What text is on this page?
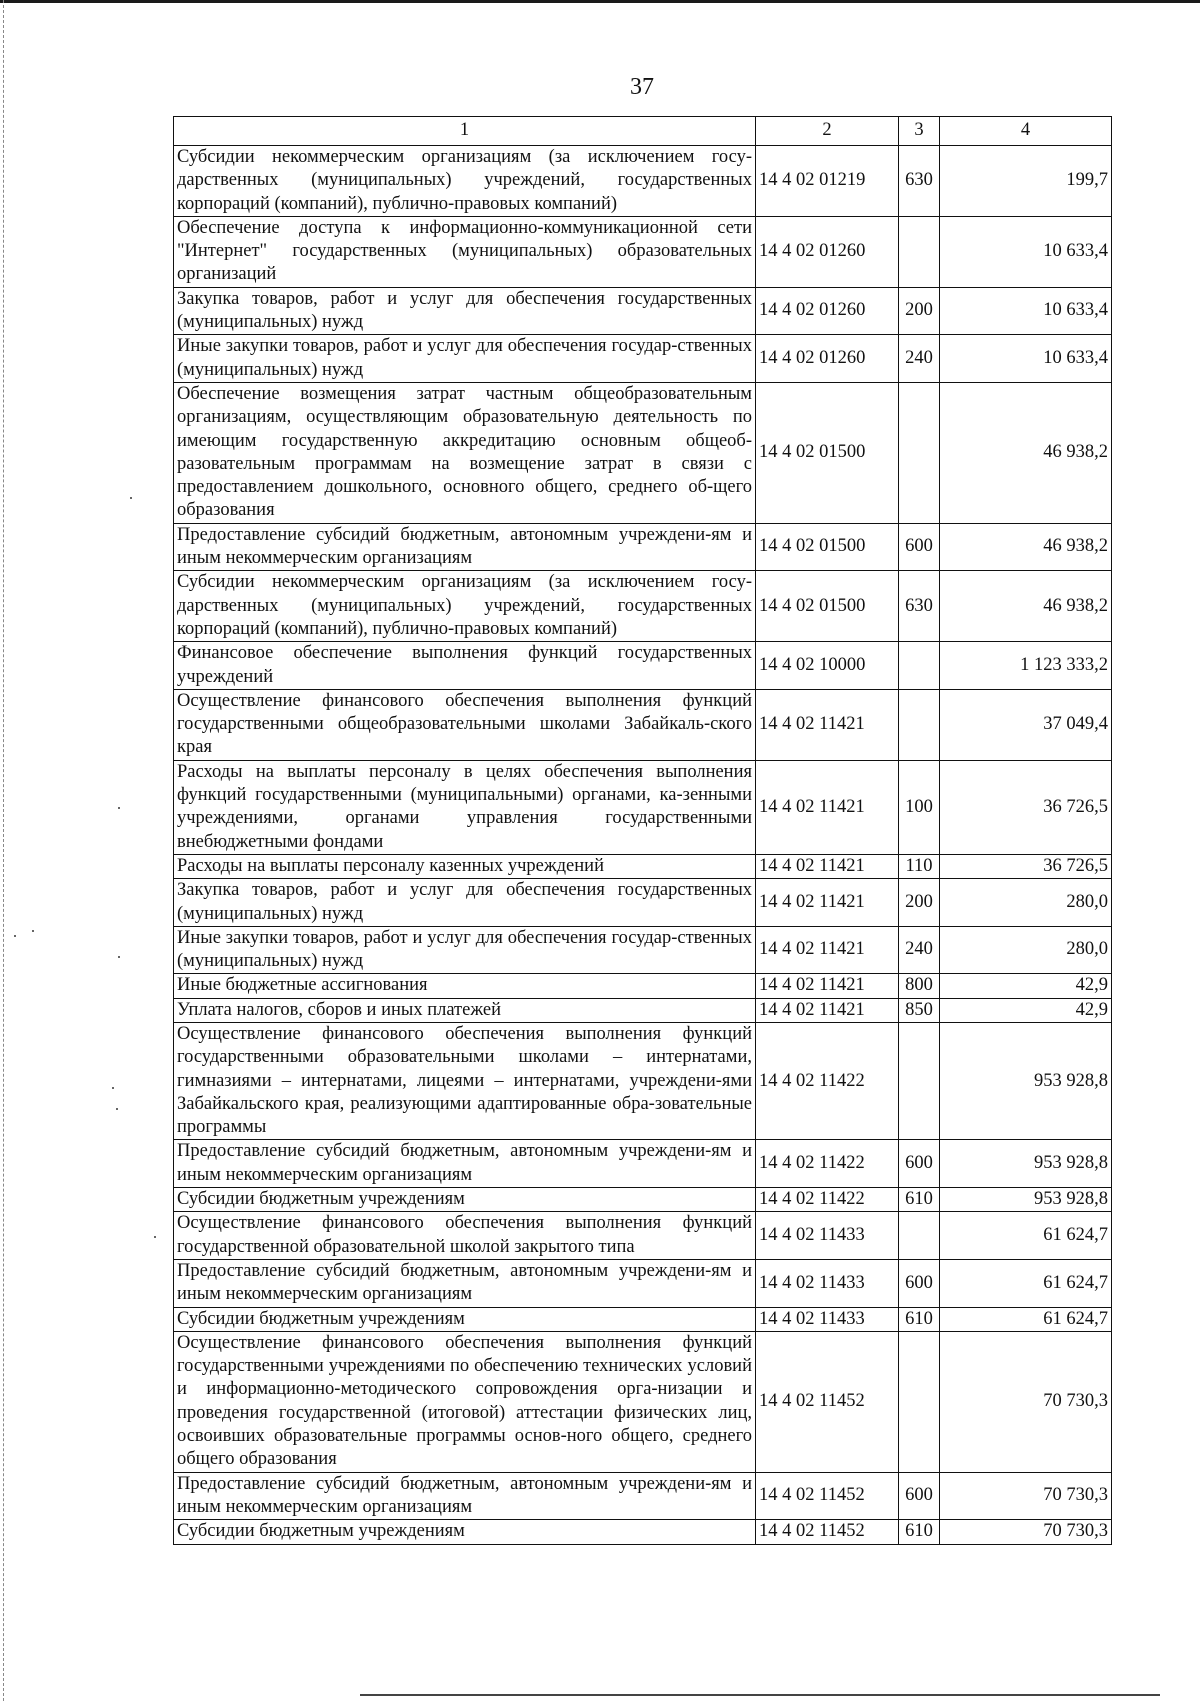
37
1	2	3	4
Субсидии некоммерческим организациям (за исключением госу-дарственных (муниципальных) учреждений, государственных корпораций (компаний), публично-правовых компаний)	14 4 02 01219	630	199,7
Обеспечение доступа к информационно-коммуникационной сети "Интернет" государственных (муниципальных) образовательных организаций	14 4 02 01260		10 633,4
Закупка товаров, работ и услуг для обеспечения государственных (муниципальных) нужд	14 4 02 01260	200	10 633,4
Иные закупки товаров, работ и услуг для обеспечения государ-ственных (муниципальных) нужд	14 4 02 01260	240	10 633,4
Обеспечение возмещения затрат частным общеобразовательным организациям, осуществляющим образовательную деятельность по имеющим государственную аккредитацию основным общеоб-разовательным программам на возмещение затрат в связи с предоставлением дошкольного, основного общего, среднего об-щего образования	14 4 02 01500		46 938,2
Предоставление субсидий бюджетным, автономным учреждени-ям и иным некоммерческим организациям	14 4 02 01500	600	46 938,2
Субсидии некоммерческим организациям (за исключением госу-дарственных (муниципальных) учреждений, государственных корпораций (компаний), публично-правовых компаний)	14 4 02 01500	630	46 938,2
Финансовое обеспечение выполнения функций государственных учреждений	14 4 02 10000		1 123 333,2
Осуществление финансового обеспечения выполнения функций государственными общеобразовательными школами Забайкаль-ского края	14 4 02 11421		37 049,4
Расходы на выплаты персоналу в целях обеспечения выполнения функций государственными (муниципальными) органами, ка-зенными учреждениями, органами управления государственными внебюджетными фондами	14 4 02 11421	100	36 726,5
Расходы на выплаты персоналу казенных учреждений	14 4 02 11421	110	36 726,5
Закупка товаров, работ и услуг для обеспечения государственных (муниципальных) нужд	14 4 02 11421	200	280,0
Иные закупки товаров, работ и услуг для обеспечения государ-ственных (муниципальных) нужд	14 4 02 11421	240	280,0
Иные бюджетные ассигнования	14 4 02 11421	800	42,9
Уплата налогов, сборов и иных платежей	14 4 02 11421	850	42,9
Осуществление финансового обеспечения выполнения функций государственными образовательными школами – интернатами, гимназиями – интернатами, лицеями – интернатами, учреждени-ями Забайкальского края, реализующими адаптированные обра-зовательные программы	14 4 02 11422		953 928,8
Предоставление субсидий бюджетным, автономным учреждени-ям и иным некоммерческим организациям	14 4 02 11422	600	953 928,8
Субсидии бюджетным учреждениям	14 4 02 11422	610	953 928,8
Осуществление финансового обеспечения выполнения функций государственной образовательной школой закрытого типа	14 4 02 11433		61 624,7
Предоставление субсидий бюджетным, автономным учреждени-ям и иным некоммерческим организациям	14 4 02 11433	600	61 624,7
Субсидии бюджетным учреждениям	14 4 02 11433	610	61 624,7
Осуществление финансового обеспечения выполнения функций государственными учреждениями по обеспечению технических условий и информационно-методического сопровождения орга-низации и проведения государственной (итоговой) аттестации физических лиц, освоивших образовательные программы основ-ного общего, среднего общего образования	14 4 02 11452		70 730,3
Предоставление субсидий бюджетным, автономным учреждени-ям и иным некоммерческим организациям	14 4 02 11452	600	70 730,3
Субсидии бюджетным учреждениям	14 4 02 11452	610	70 730,3
